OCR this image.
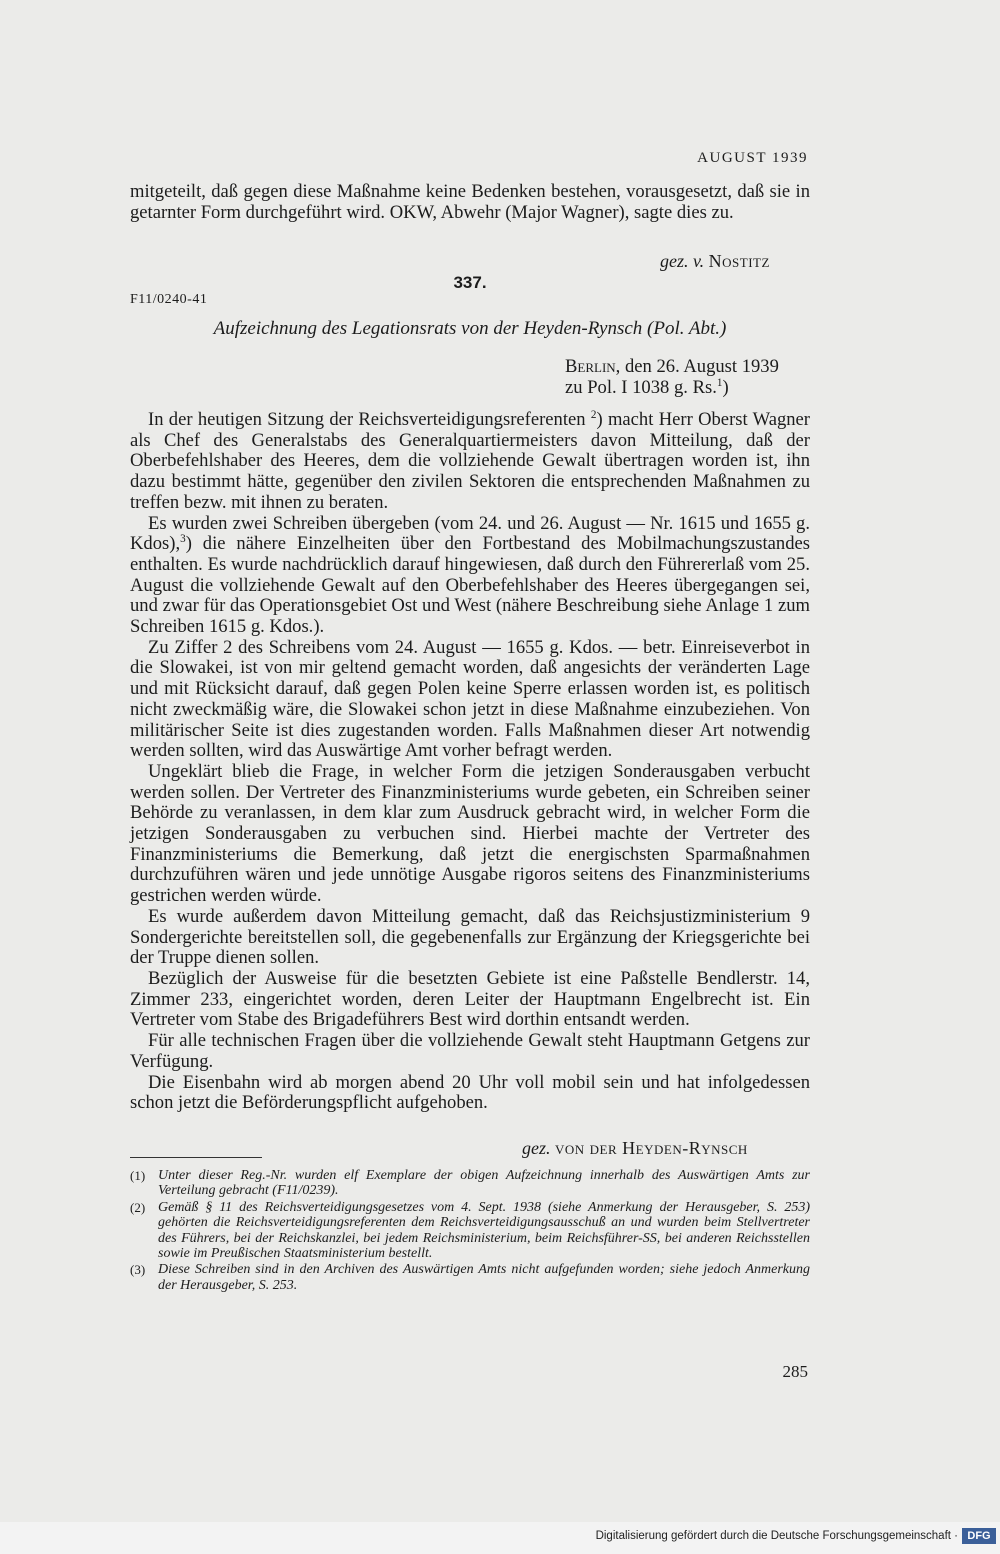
AUGUST 1939

mitgeteilt, daß gegen diese Maßnahme keine Bedenken bestehen, vorausgesetzt, daß sie in getarnter Form durchgeführt wird. OKW, Abwehr (Major Wagner), sagte dies zu.

gez. v. Nostitz
337.
F11/0240-41
Aufzeichnung des Legationsrats von der Heyden-Rynsch (Pol. Abt.)
Berlin, den 26. August 1939
zu Pol. I 1038 g. Rs.$^1$)

In der heutigen Sitzung der Reichsverteidigungsreferenten $^2$) macht Herr Oberst Wagner als Chef des Generalstabs des Generalquartiermeisters davon Mitteilung, daß der Oberbefehlshaber des Heeres, dem die vollziehende Gewalt übertragen worden ist, ihn dazu bestimmt hätte, gegenüber den zivilen Sektoren die entsprechenden Maßnahmen zu treffen bezw. mit ihnen zu beraten.

Es wurden zwei Schreiben übergeben (vom 24. und 26. August — Nr. 1615 und 1655 g. Kdos),$^3$) die nähere Einzelheiten über den Fortbestand des Mobilmachungszustandes enthalten. Es wurde nachdrücklich darauf hingewiesen, daß durch den Führererlaß vom 25. August die vollziehende Gewalt auf den Oberbefehlshaber des Heeres übergegangen sei, und zwar für das Operationsgebiet Ost und West (nähere Beschreibung siehe Anlage 1 zum Schreiben 1615 g. Kdos.).

Zu Ziffer 2 des Schreibens vom 24. August — 1655 g. Kdos. — betr. Einreiseverbot in die Slowakei, ist von mir geltend gemacht worden, daß angesichts der veränderten Lage und mit Rücksicht darauf, daß gegen Polen keine Sperre erlassen worden ist, es politisch nicht zweckmäßig wäre, die Slowakei schon jetzt in diese Maßnahme einzubeziehen. Von militärischer Seite ist dies zugestanden worden. Falls Maßnahmen dieser Art notwendig werden sollten, wird das Auswärtige Amt vorher befragt werden.

Ungeklärt blieb die Frage, in welcher Form die jetzigen Sonderausgaben verbucht werden sollen. Der Vertreter des Finanzministeriums wurde gebeten, ein Schreiben seiner Behörde zu veranlassen, in dem klar zum Ausdruck gebracht wird, in welcher Form die jetzigen Sonderausgaben zu verbuchen sind. Hierbei machte der Vertreter des Finanzministeriums die Bemerkung, daß jetzt die energischsten Sparmaßnahmen durchzuführen wären und jede unnötige Ausgabe rigoros seitens des Finanzministeriums gestrichen werden würde.

Es wurde außerdem davon Mitteilung gemacht, daß das Reichsjustizministerium 9 Sondergerichte bereitstellen soll, die gegebenenfalls zur Ergänzung der Kriegsgerichte bei der Truppe dienen sollen.

Bezüglich der Ausweise für die besetzten Gebiete ist eine Paßstelle Bendlerstr. 14, Zimmer 233, eingerichtet worden, deren Leiter der Hauptmann Engelbrecht ist. Ein Vertreter vom Stabe des Brigadeführers Best wird dorthin entsandt werden.

Für alle technischen Fragen über die vollziehende Gewalt steht Hauptmann Getgens zur Verfügung.

Die Eisenbahn wird ab morgen abend 20 Uhr voll mobil sein und hat infolgedessen schon jetzt die Beförderungspflicht aufgehoben.

gez. von der Heyden-Rynsch
(1) Unter dieser Reg.-Nr. wurden elf Exemplare der obigen Aufzeichnung innerhalb des Auswärtigen Amts zur Verteilung gebracht (F11/0239).
(2) Gemäß § 11 des Reichsverteidigungsgesetzes vom 4. Sept. 1938 (siehe Anmerkung der Herausgeber, S. 253) gehörten die Reichsverteidigungsreferenten dem Reichsverteidigungsausschuß an und wurden beim Stellvertreter des Führers, bei der Reichskanzlei, bei jedem Reichsministerium, beim Reichsführer-SS, bei anderen Reichsstellen sowie im Preußischen Staatsministerium bestellt.
(3) Diese Schreiben sind in den Archiven des Auswärtigen Amts nicht aufgefunden worden; siehe jedoch Anmerkung der Herausgeber, S. 253.
285
Digitalisierung gefördert durch die Deutsche Forschungsgemeinschaft · DFG
